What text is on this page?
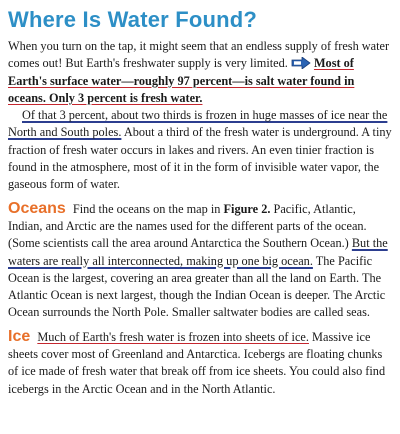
Where Is Water Found?

When you turn on the tap, it might seem that an endless supply of fresh water comes out! But Earth's freshwater supply is very limited. Most of Earth's surface water—roughly 97 percent—is salt water found in oceans. Only 3 percent is fresh water.
Of that 3 percent, about two thirds is frozen in huge masses of ice near the North and South poles. About a third of the fresh water is underground. A tiny fraction of fresh water occurs in lakes and rivers. An even tinier fraction is found in the atmosphere, most of it in the form of invisible water vapor, the gaseous form of water.

Oceans Find the oceans on the map in Figure 2. Pacific, Atlantic, Indian, and Arctic are the names used for the different parts of the ocean. (Some scientists call the area around Antarctica the Southern Ocean.) But the waters are really all interconnected, making up one big ocean. The Pacific Ocean is the largest, covering an area greater than all the land on Earth. The Atlantic Ocean is next largest, though the Indian Ocean is deeper. The Arctic Ocean surrounds the North Pole. Smaller saltwater bodies are called seas.

Ice Much of Earth's fresh water is frozen into sheets of ice. Massive ice sheets cover most of Greenland and Antarctica. Icebergs are floating chunks of ice made of fresh water that break off from ice sheets. You could also find icebergs in the Arctic Ocean and in the North Atlantic.
